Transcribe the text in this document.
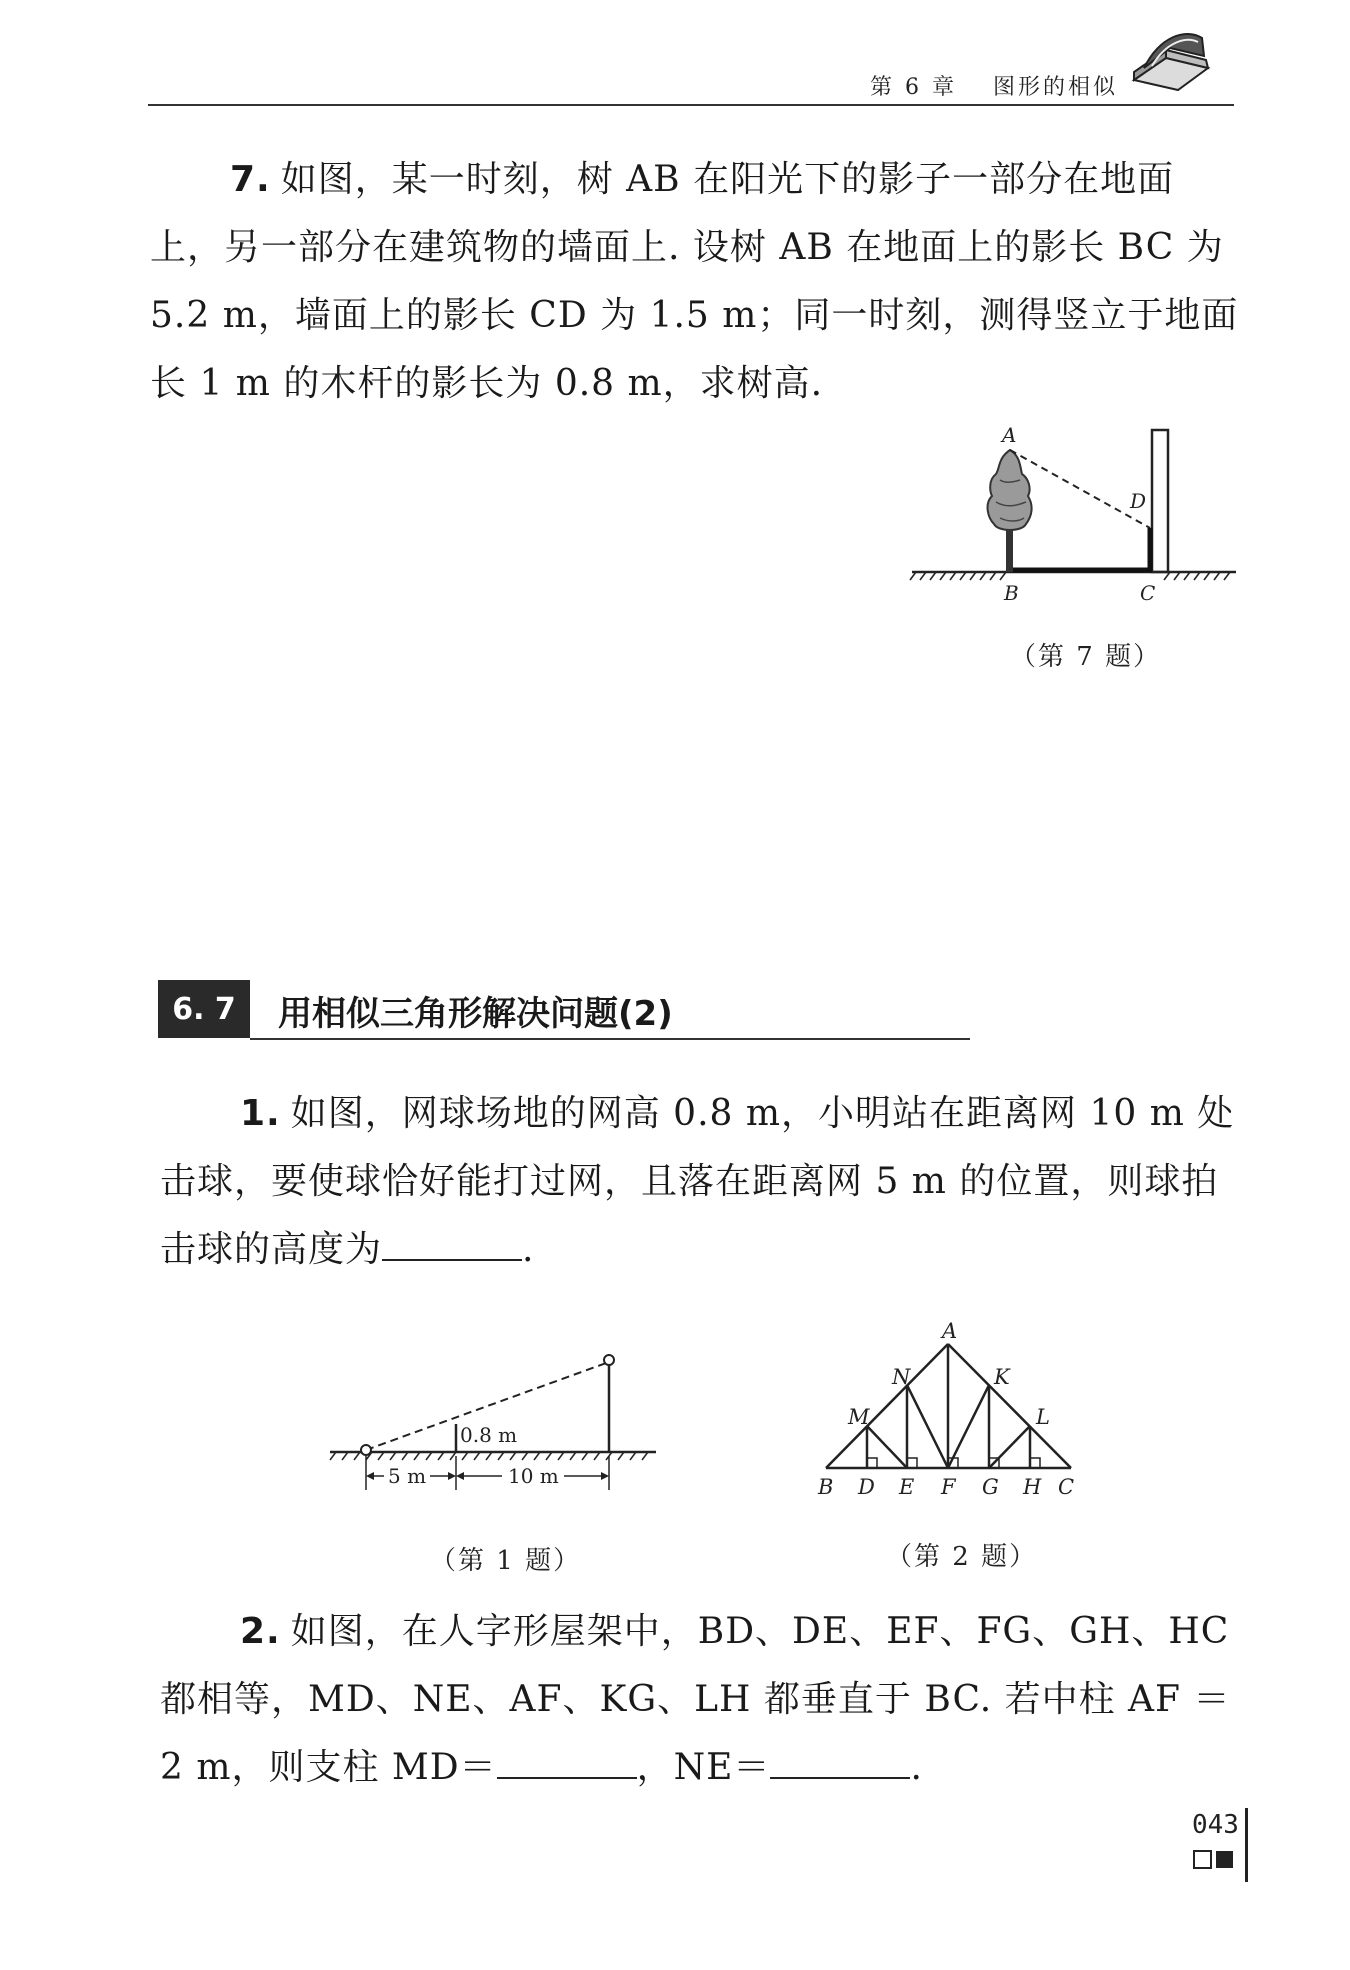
第 6 章 图形的相似

7. 如图，某一时刻，树 AB 在阳光下的影子一部分在地面上，另一部分在建筑物的墙面上. 设树 AB 在地面上的影长 BC 为 5.2 m，墙面上的影长 CD 为 1.5 m；同一时刻，测得竖立于地面长 1 m 的木杆的影长为 0.8 m，求树高.

A
D
B	C
（第 7 题）
6. 7	用相似三角形解决问题(2)

1. 如图，网球场地的网高 0.8 m，小明站在距离网 10 m 处击球，要使球恰好能打过网，且落在距离网 5 m 的位置，则球拍击球的高度为	.

0.8 m
5 m	10 m
（第 1 题）
A
N	K
M	L
B D E F G H C
（第 2 题）

2. 如图，在人字形屋架中，BD、DE、EF、FG、GH、HC 都相等，MD、NE、AF、KG、LH 都垂直于 BC. 若中柱 AF ＝ 2 m，则支柱 MD＝	，NE＝	.

043
